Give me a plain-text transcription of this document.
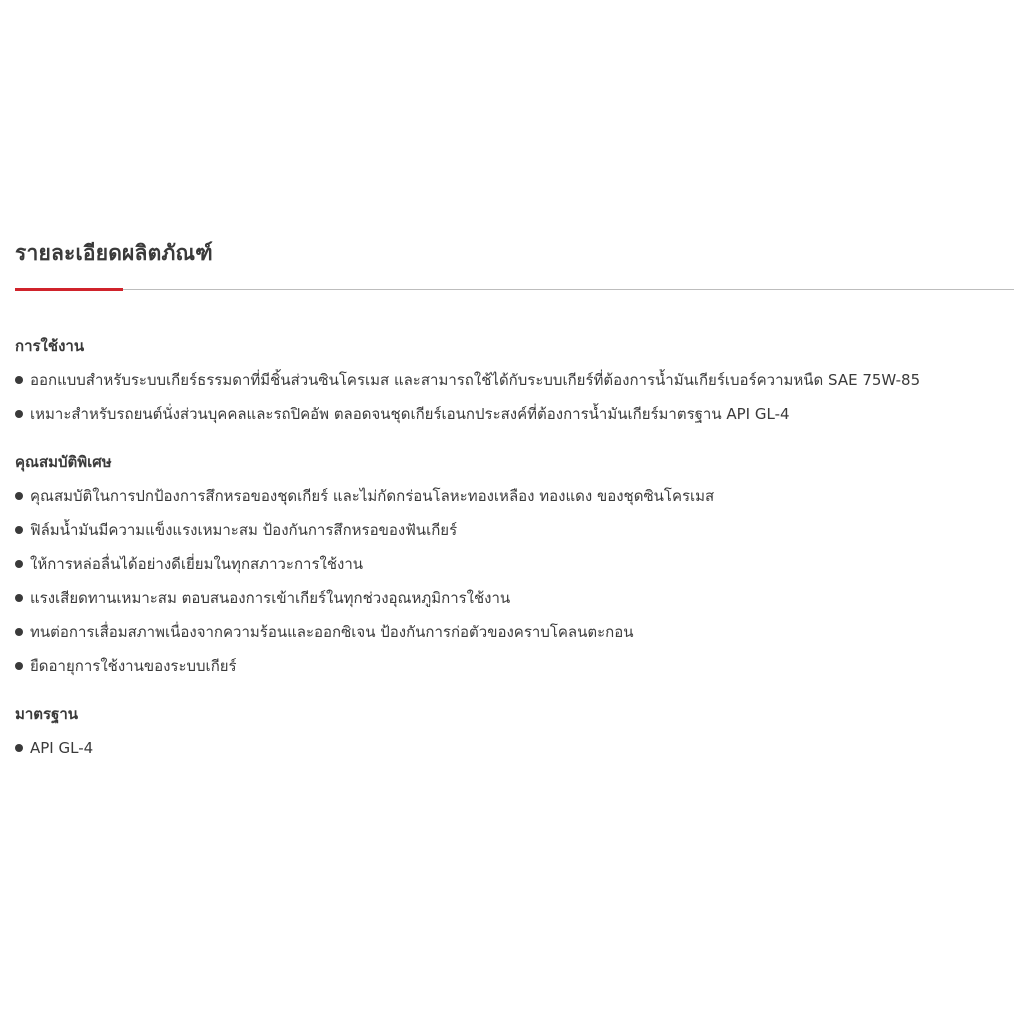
รายละเอียดผลิตภัณฑ์
การใช้งาน
ออกแบบสำหรับระบบเกียร์ธรรมดาที่มีชิ้นส่วนซินโครเมส และสามารถใช้ได้กับระบบเกียร์ที่ต้องการน้ำมันเกียร์เบอร์ความหนืด SAE 75W-85
เหมาะสำหรับรถยนต์นั่งส่วนบุคคลและรถปิคอัพ ตลอดจนชุดเกียร์เอนกประสงค์ที่ต้องการน้ำมันเกียร์มาตรฐาน API GL-4
คุณสมบัติพิเศษ
คุณสมบัติในการปกป้องการสึกหรอของชุดเกียร์ และไม่กัดกร่อนโลหะทองเหลือง ทองแดง ของชุดซินโครเมส
ฟิล์มน้ำมันมีความแข็งแรงเหมาะสม ป้องกันการสึกหรอของฟันเกียร์
ให้การหล่อลื่นได้อย่างดีเยี่ยมในทุกสภาวะการใช้งาน
แรงเสียดทานเหมาะสม ตอบสนองการเข้าเกียร์ในทุกช่วงอุณหภูมิการใช้งาน
ทนต่อการเสื่อมสภาพเนื่องจากความร้อนและออกซิเจน ป้องกันการก่อตัวของคราบโคลนตะกอน
ยืดอายุการใช้งานของระบบเกียร์
มาตรฐาน
API GL-4
